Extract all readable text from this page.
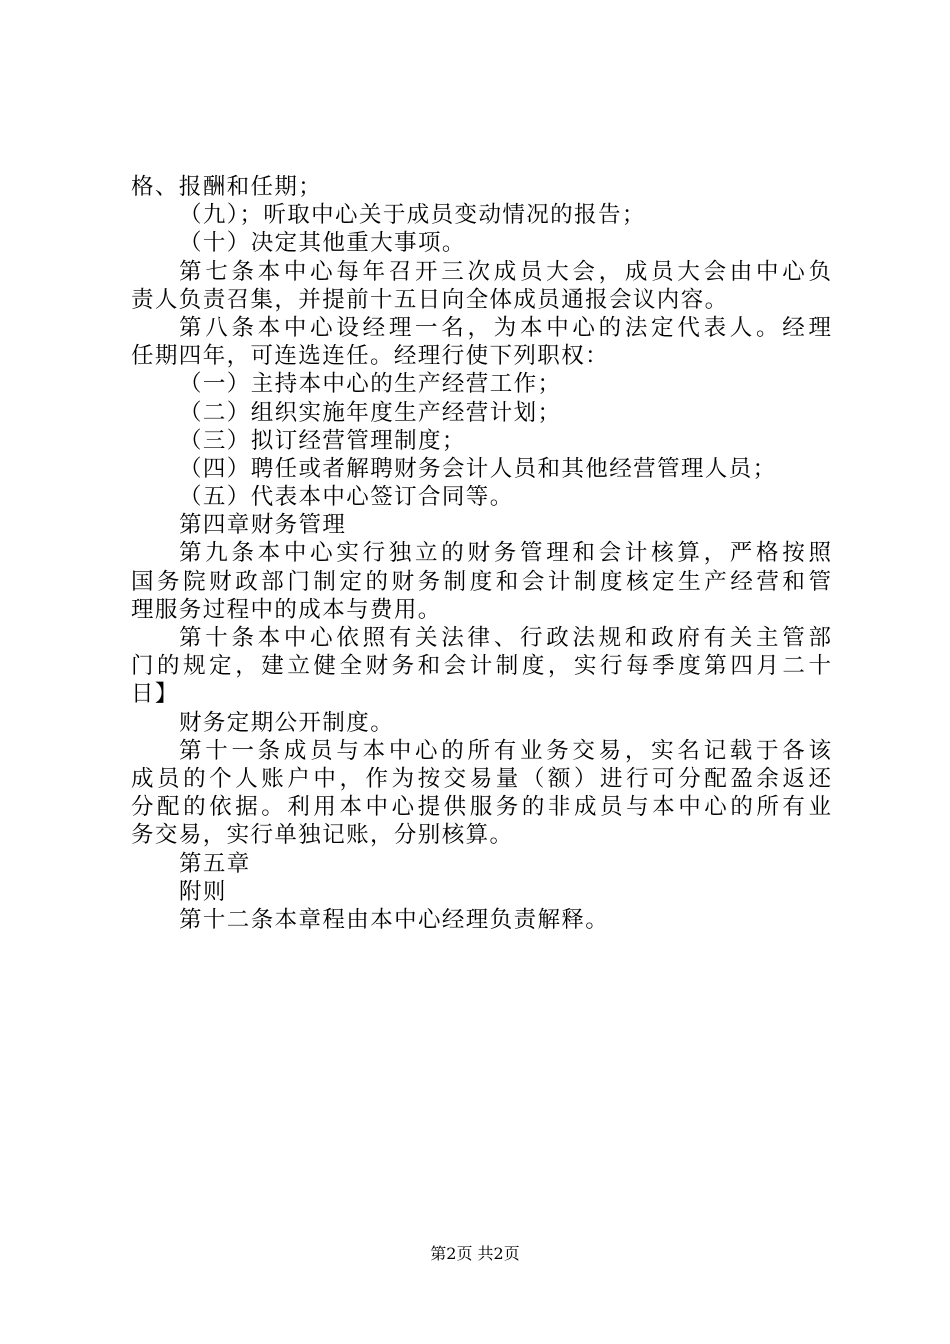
格、报酬和任期；
（九）；听取中心关于成员变动情况的报告；
（十）决定其他重大事项。
第七条本中心每年召开三次成员大会，成员大会由中心负
责人负责召集，并提前十五日向全体成员通报会议内容。
第八条本中心设经理一名，为本中心的法定代表人。经理
任期四年，可连选连任。经理行使下列职权：
（一）主持本中心的生产经营工作；
（二）组织实施年度生产经营计划；
（三）拟订经营管理制度；
（四）聘任或者解聘财务会计人员和其他经营管理人员；
（五）代表本中心签订合同等。
第四章财务管理
第九条本中心实行独立的财务管理和会计核算，严格按照
国务院财政部门制定的财务制度和会计制度核定生产经营和管
理服务过程中的成本与费用。
第十条本中心依照有关法律、行政法规和政府有关主管部
门的规定，建立健全财务和会计制度，实行每季度第四月二十
日】
财务定期公开制度。
第十一条成员与本中心的所有业务交易，实名记载于各该
成员的个人账户中，作为按交易量（额）进行可分配盈余返还
分配的依据。利用本中心提供服务的非成员与本中心的所有业
务交易，实行单独记账，分别核算。
第五章
附则
第十二条本章程由本中心经理负责解释。
第2页 共2页
